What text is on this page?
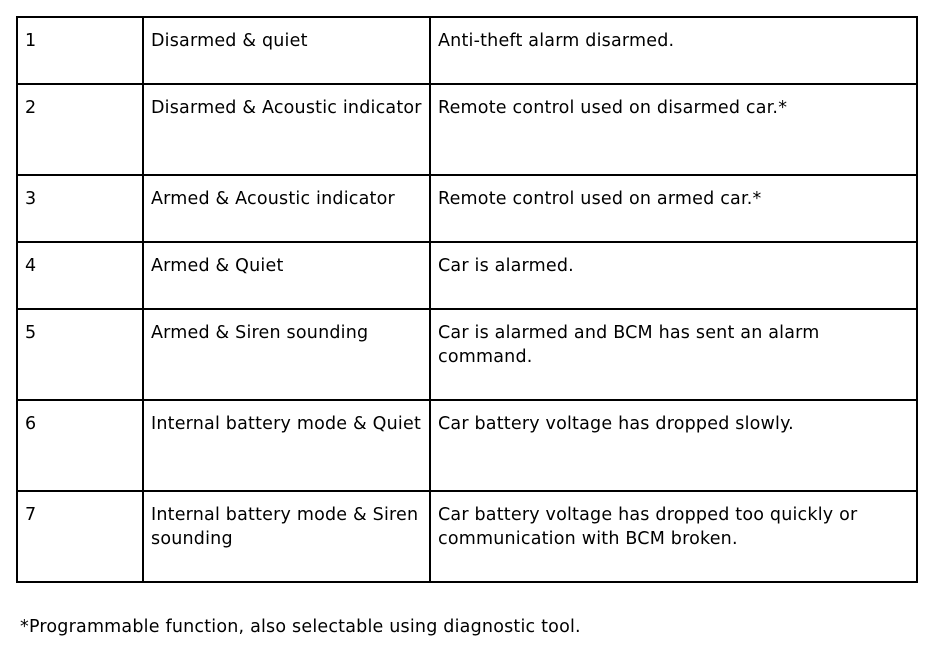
1	Disarmed & quiet	Anti-theft alarm disarmed.
2	Disarmed & Acoustic indicator	Remote control used on disarmed car.*
3	Armed & Acoustic indicator	Remote control used on armed car.*
4	Armed & Quiet	Car is alarmed.
5	Armed & Siren sounding	Car is alarmed and BCM has sent an alarm command.
6	Internal battery mode & Quiet	Car battery voltage has dropped slowly.
7	Internal battery mode & Siren sounding	Car battery voltage has dropped too quickly or communication with BCM broken.
*Programmable function, also selectable using diagnostic tool.
